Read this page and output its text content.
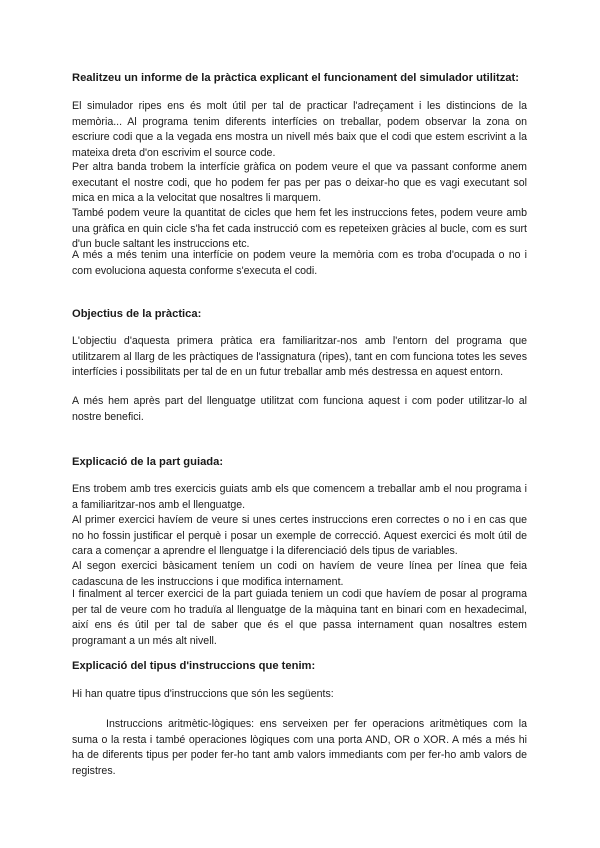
Realitzeu un informe de la pràctica explicant el funcionament del simulador utilitzat:

El simulador ripes ens és molt útil per tal de practicar l'adreçament i les distincions de la memòria... Al programa tenim diferents interfícies on treballar, podem observar la zona on escriure codi que a la vegada ens mostra un nivell més baix que el codi que estem escrivint a la mateixa dreta d'on escrivim el source code.

Per altra banda trobem la interfície gràfica on podem veure el que va passant conforme anem executant el nostre codi, que ho podem fer pas per pas o deixar-ho que es vagi executant sol mica en mica a la velocitat que nosaltres li marquem.

També podem veure la quantitat de cicles que hem fet les instruccions fetes, podem veure amb una gràfica en quin cicle s'ha fet cada instrucció com es repeteixen gràcies al bucle, com es surt d'un bucle saltant les instruccions etc.

A més a més tenim una interfície on podem veure la memòria com es troba d'ocupada o no i com evoluciona aquesta conforme s'executa el codi.

Objectius de la pràctica:

L'objectiu d'aquesta primera pràtica era familiaritzar-nos amb l'entorn del programa que utilitzarem al llarg de les pràctiques de l'assignatura (ripes), tant en com funciona totes les seves interfícies i possibilitats per tal de en un futur treballar amb més destressa en aquest entorn.

A més hem après part del llenguatge utilitzat com funciona aquest i com poder utilitzar-lo al nostre benefici.

Explicació de la part guiada:

Ens trobem amb tres exercicis guiats amb els que comencem a treballar amb el nou programa i a familiaritzar-nos amb el llenguatge.

Al primer exercici havíem de veure si unes certes instruccions eren correctes o no i en cas que no ho fossin justificar el perquè i posar un exemple de correcció. Aquest exercici és molt útil de cara a començar a aprendre el llenguatge i la diferenciació dels tipus de variables.

Al segon exercici bàsicament teníem un codi on havíem de veure línea per línea que feia cadascuna de les instruccions i que modifica internament.

I finalment al tercer exercici de la part guiada teniem un codi que havíem de posar al programa per tal de veure com ho traduïa al llenguatge de la màquina tant en binari com en hexadecimal, així ens és útil per tal de saber que és el que passa internament quan nosaltres estem programant a un més alt nivell.

Explicació del tipus d'instruccions que tenim:

Hi han quatre tipus d'instruccions que són les següents:

Instruccions aritmètic-lògiques: ens serveixen per fer operacions aritmètiques com la suma o la resta i també operaciones lògiques com una porta AND, OR o XOR. A més a més hi ha de diferents tipus per poder fer-ho tant amb valors immediants com per fer-ho amb valors de registres.
